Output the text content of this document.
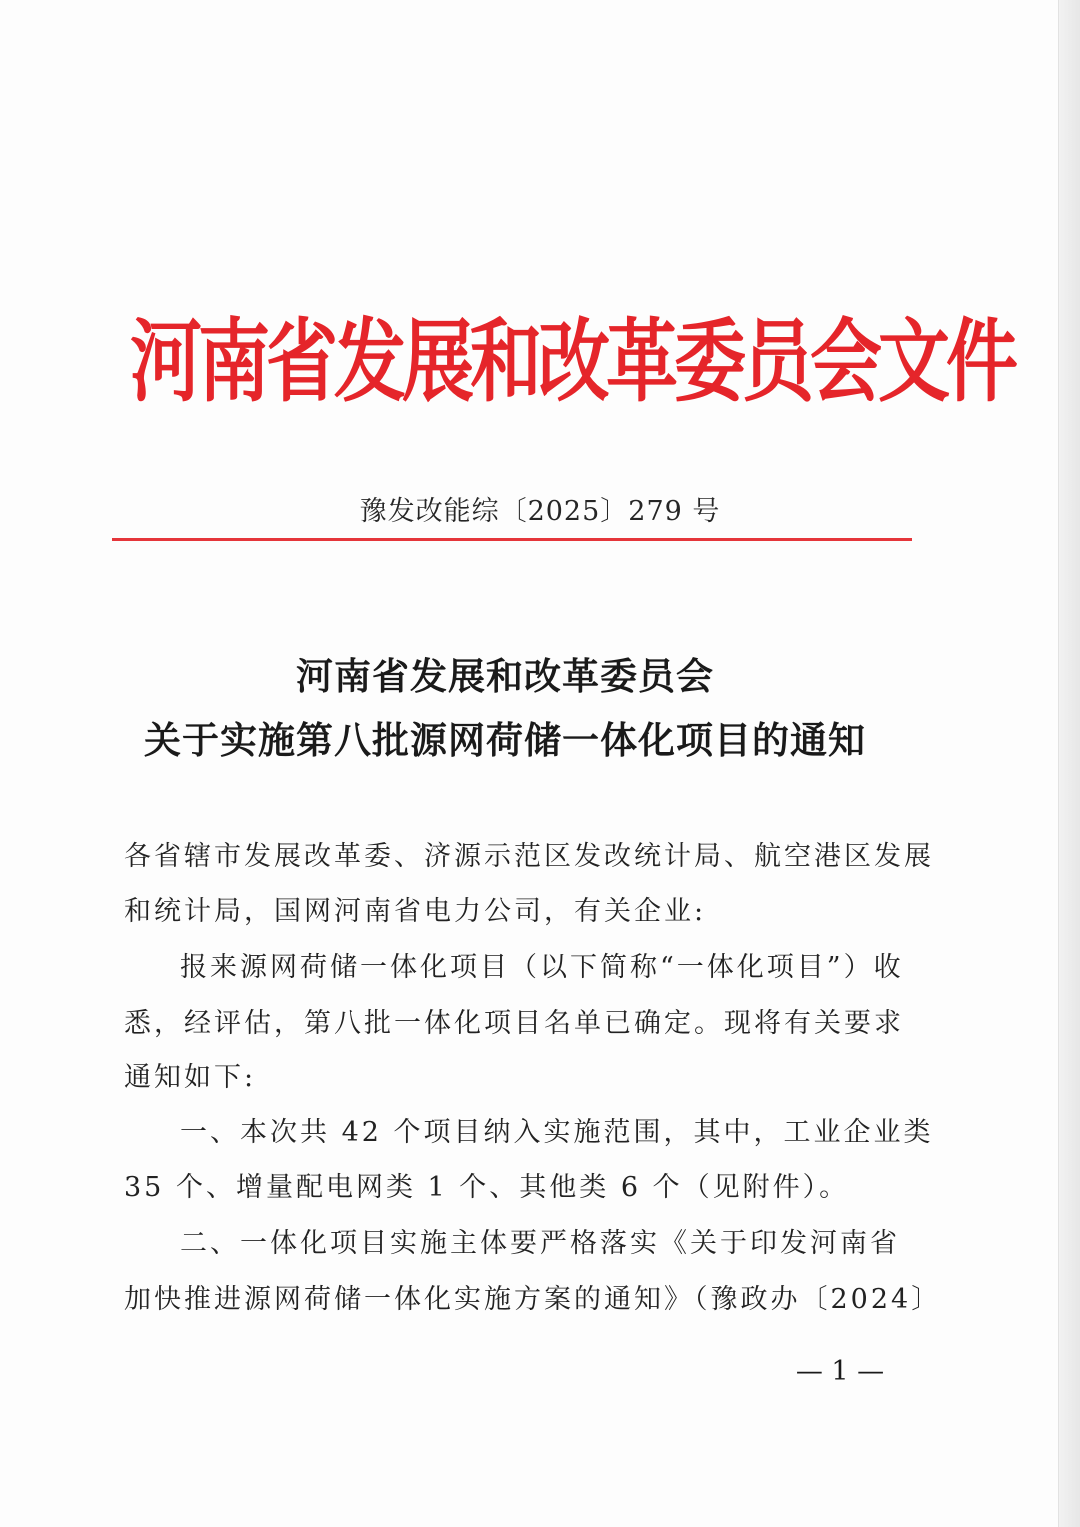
河南省发展和改革委员会文件
豫发改能综〔2025〕279 号
河南省发展和改革委员会
关于实施第八批源网荷储一体化项目的通知
各省辖市发展改革委、济源示范区发改统计局、航空港区发展
和统计局，国网河南省电力公司，有关企业:
报来源网荷储一体化项目（以下简称“一体化项目”）收
悉，经评估，第八批一体化项目名单已确定。现将有关要求
通知如下:
一、本次共 42 个项目纳入实施范围，其中，工业企业类
35 个、增量配电网类 1 个、其他类 6 个（见附件）。
二、一体化项目实施主体要严格落实《关于印发河南省
加快推进源网荷储一体化实施方案的通知》（豫政办〔2024〕
— 1 —
